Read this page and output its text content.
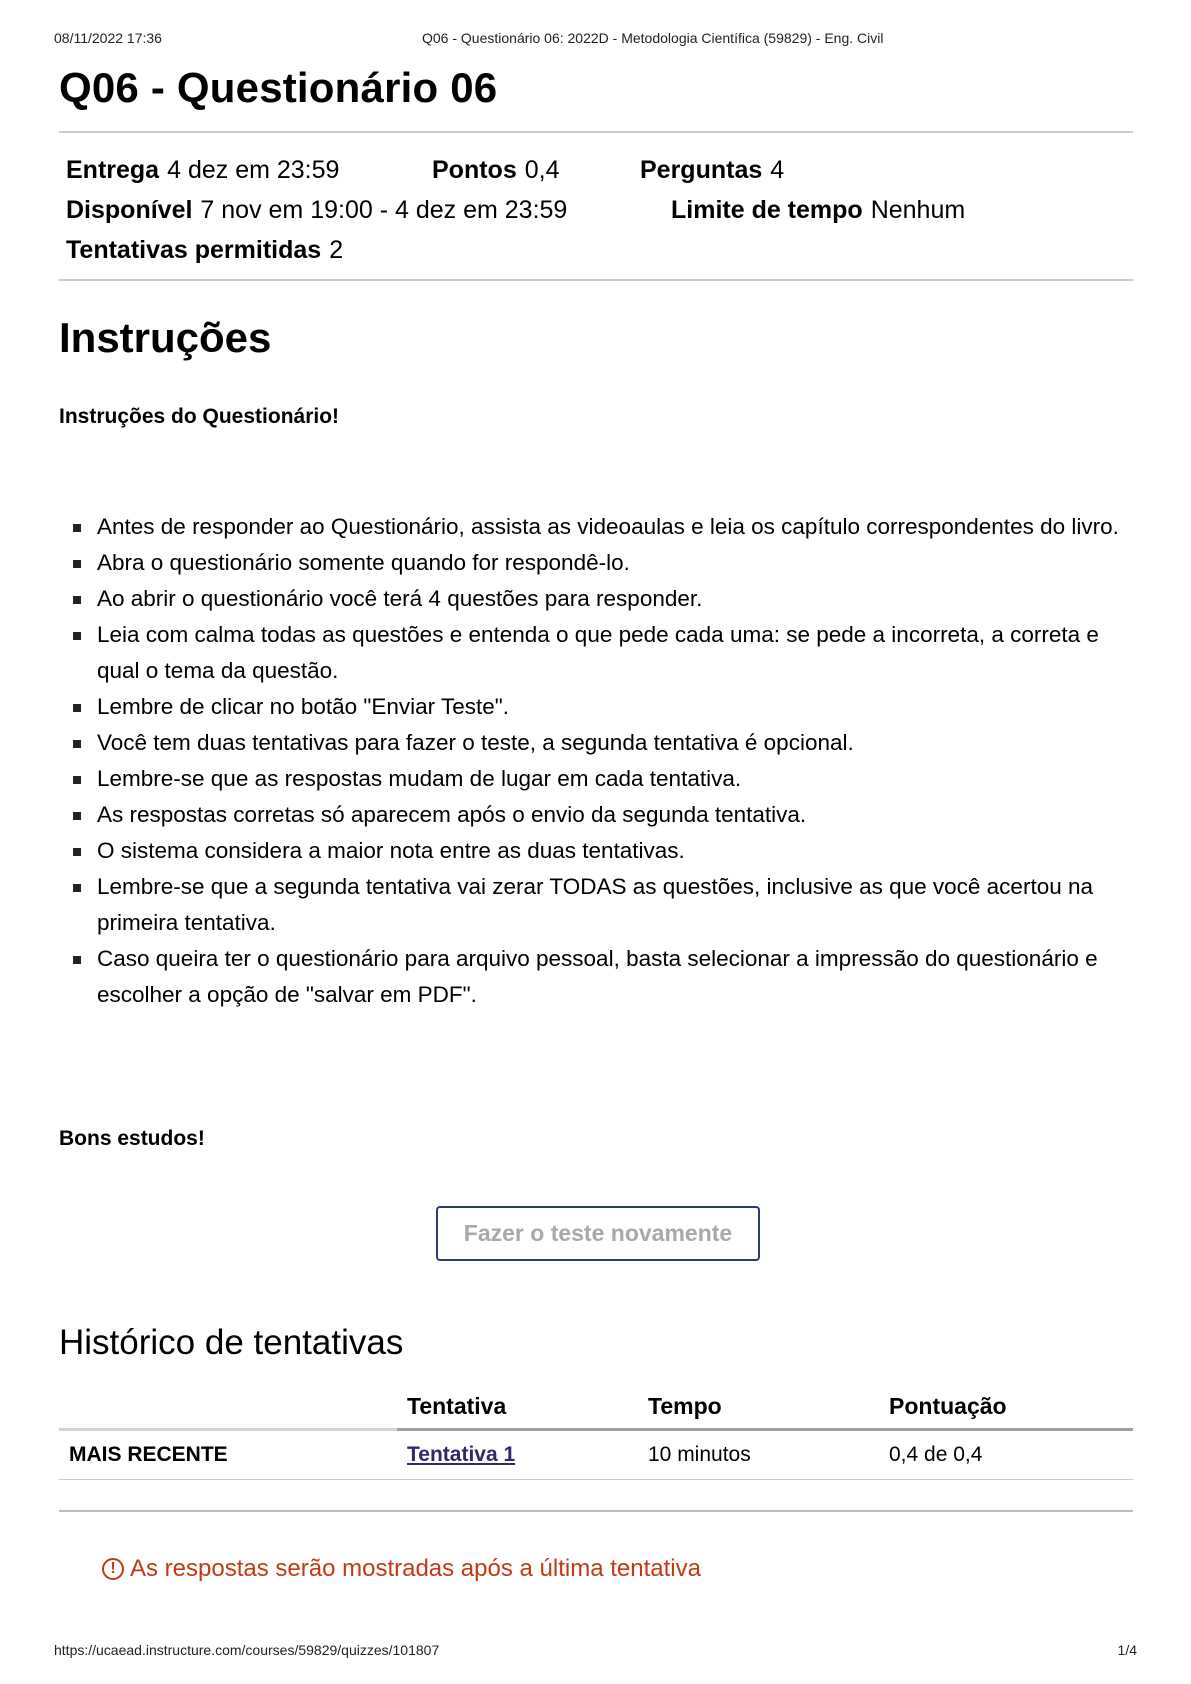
08/11/2022 17:36	Q06 - Questionário 06: 2022D - Metodologia Científica (59829) - Eng. Civil
Q06 - Questionário 06
Entrega 4 dez em 23:59	Pontos 0,4	Perguntas 4
Disponível 7 nov em 19:00 - 4 dez em 23:59	Limite de tempo Nenhum
Tentativas permitidas 2
Instruções

Instruções do Questionário!

Antes de responder ao Questionário, assista as videoaulas e leia os capítulo correspondentes do livro.
Abra o questionário somente quando for respondê-lo.
Ao abrir o questionário você terá 4 questões para responder.
Leia com calma todas as questões e entenda o que pede cada uma: se pede a incorreta, a correta e qual o tema da questão.
Lembre de clicar no botão "Enviar Teste".
Você tem duas tentativas para fazer o teste, a segunda tentativa é opcional.
Lembre-se que as respostas mudam de lugar em cada tentativa.
As respostas corretas só aparecem após o envio da segunda tentativa.
O sistema considera a maior nota entre as duas tentativas.
Lembre-se que a segunda tentativa vai zerar TODAS as questões, inclusive as que você acertou na primeira tentativa.
Caso queira ter o questionário para arquivo pessoal, basta selecionar a impressão do questionário e escolher a opção de "salvar em PDF".

Bons estudos!

Fazer o teste novamente
Histórico de tentativas
	Tentativa	Tempo	Pontuação
MAIS RECENTE	Tentativa 1	10 minutos	0,4 de 0,4

! As respostas serão mostradas após a última tentativa
https://ucaead.instructure.com/courses/59829/quizzes/101807	1/4
